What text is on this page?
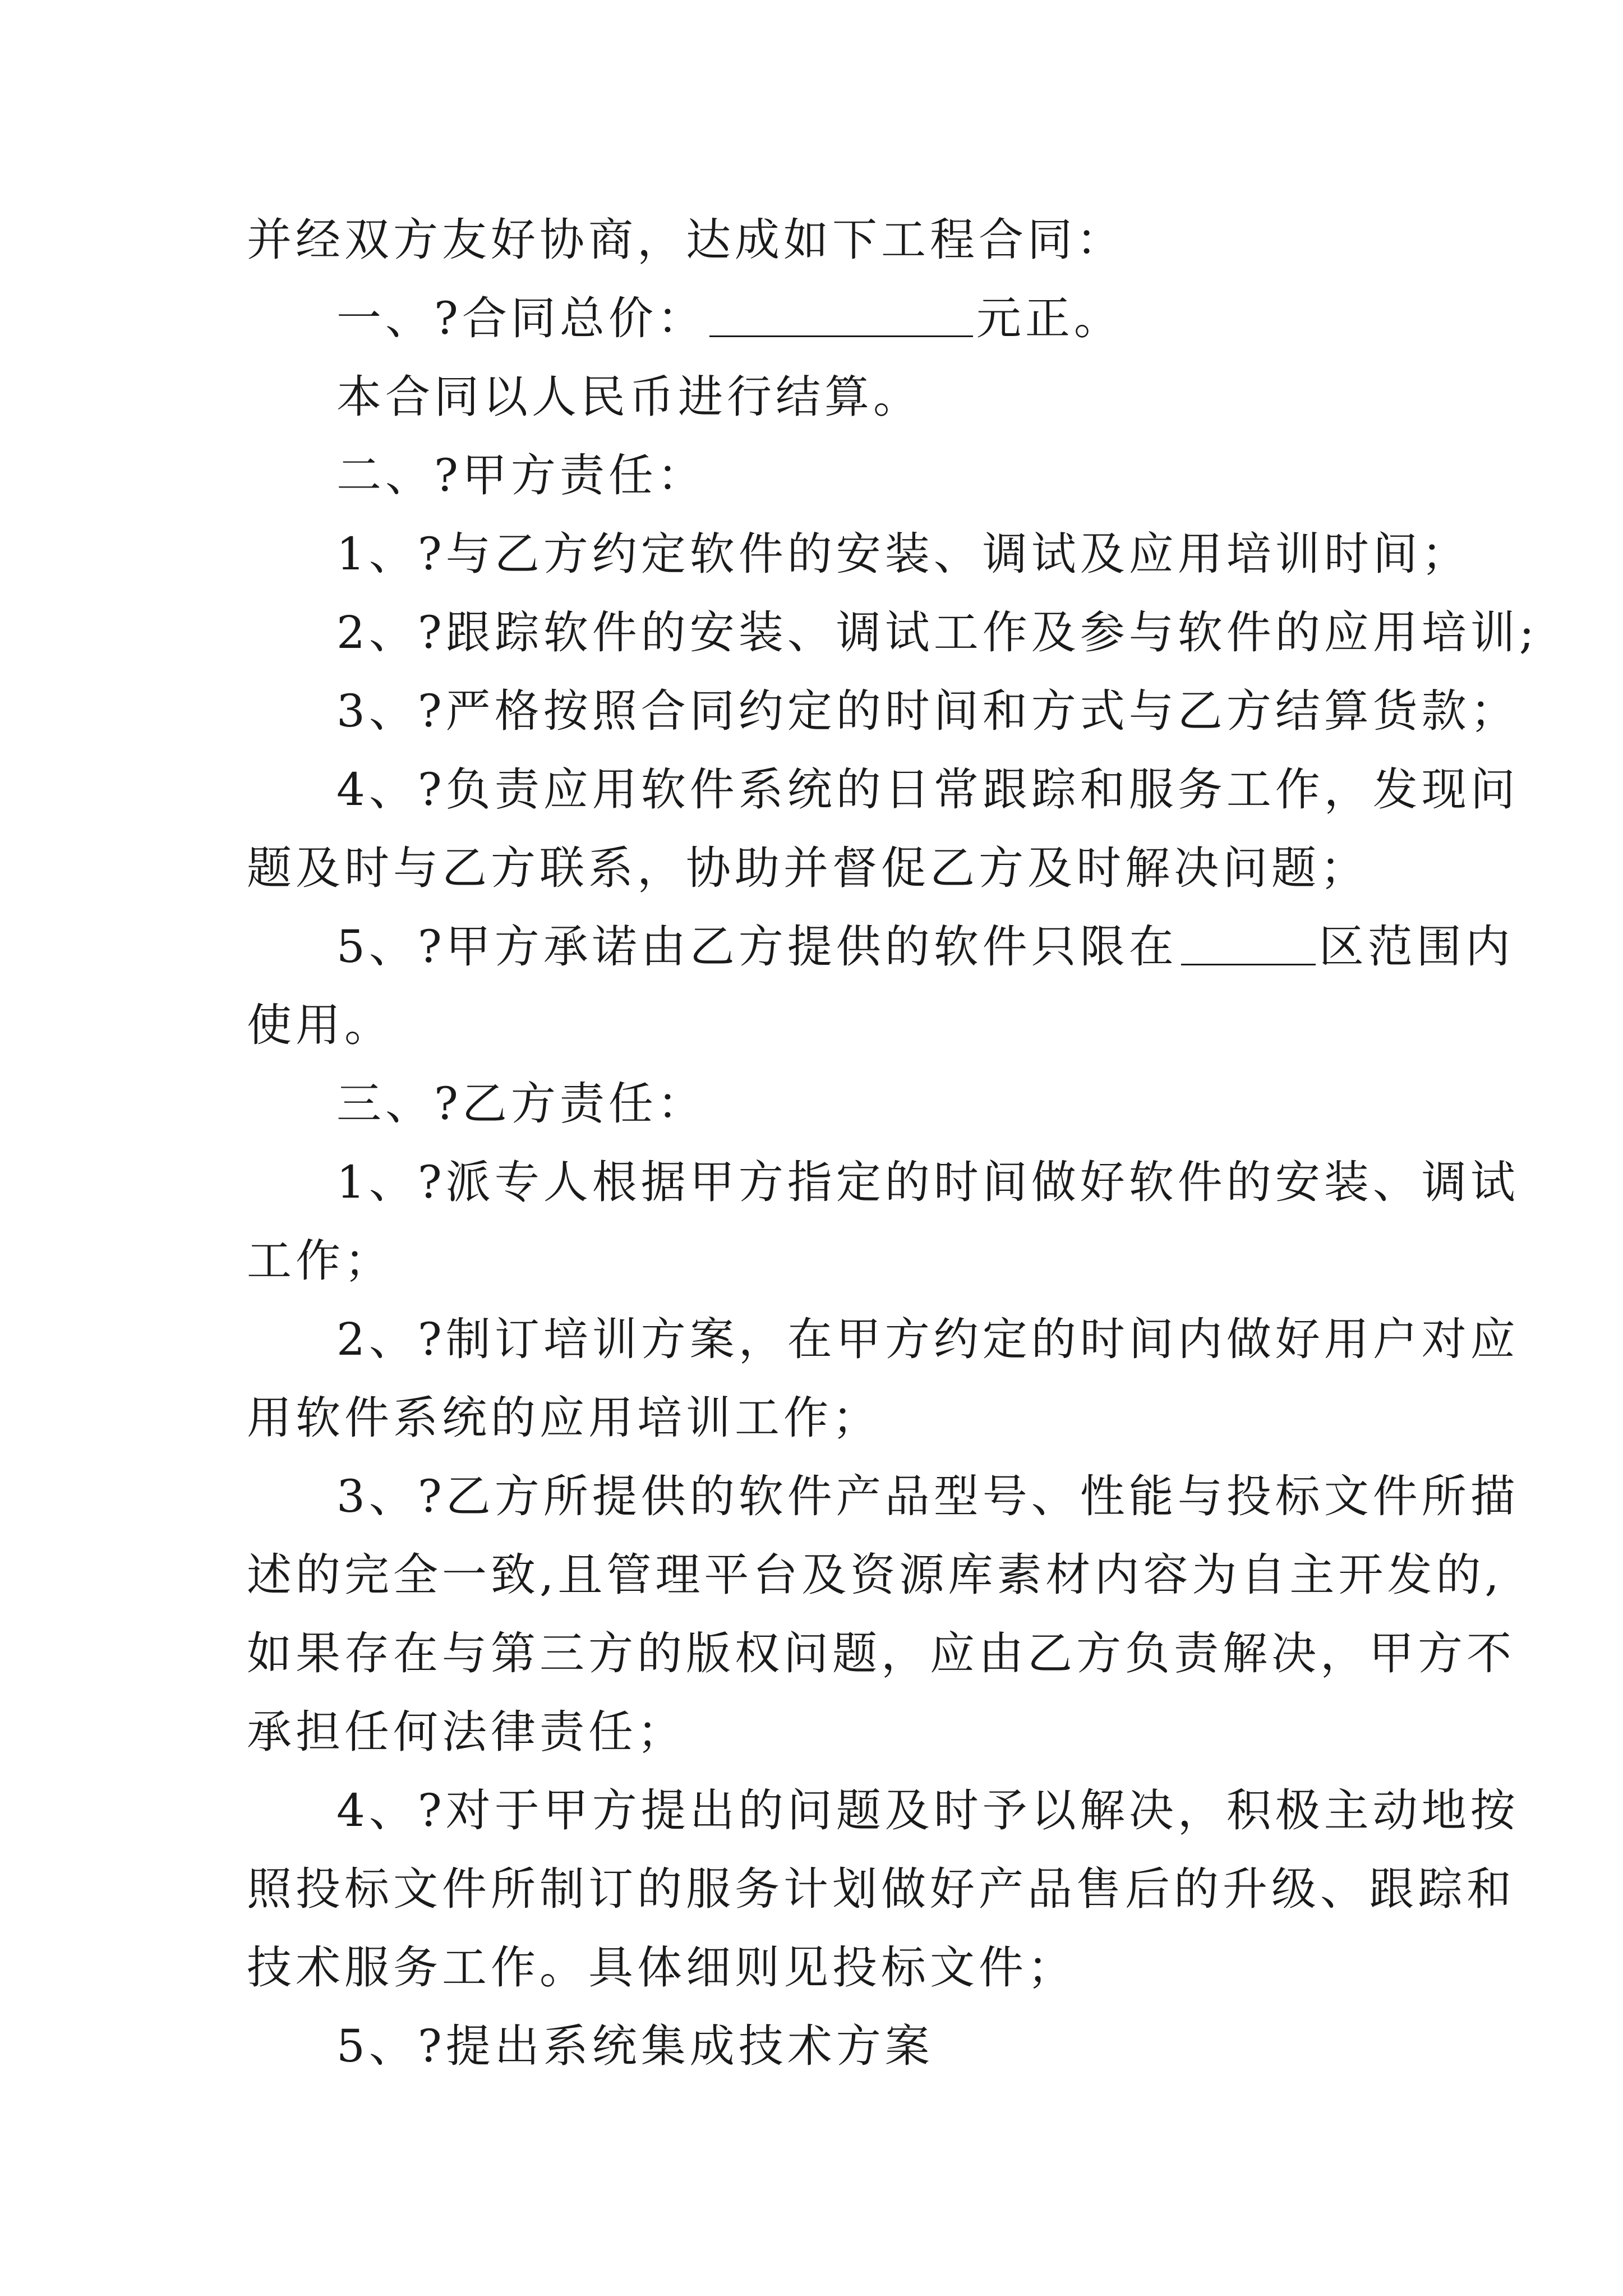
并经双方友好协商，达成如下工程合同：
一、?合同总价：	元正。
本合同以人民币进行结算。
二、?甲方责任：
1、?与乙方约定软件的安装、调试及应用培训时间；
2、?跟踪软件的安装、调试工作及参与软件的应用培训;
3、?严格按照合同约定的时间和方式与乙方结算货款；
4、?负责应用软件系统的日常跟踪和服务工作，发现问
题及时与乙方联系，协助并督促乙方及时解决问题；
5、?甲方承诺由乙方提供的软件只限在	区范围内
使用。
三、?乙方责任：
1、?派专人根据甲方指定的时间做好软件的安装、调试
工作；
2、?制订培训方案，在甲方约定的时间内做好用户对应
用软件系统的应用培训工作；
3、?乙方所提供的软件产品型号、性能与投标文件所描
述的完全一致,且管理平台及资源库素材内容为自主开发的,
如果存在与第三方的版权问题，应由乙方负责解决，甲方不
承担任何法律责任；
4、?对于甲方提出的问题及时予以解决，积极主动地按
照投标文件所制订的服务计划做好产品售后的升级、跟踪和
技术服务工作。具体细则见投标文件；
5、?提出系统集成技术方案
